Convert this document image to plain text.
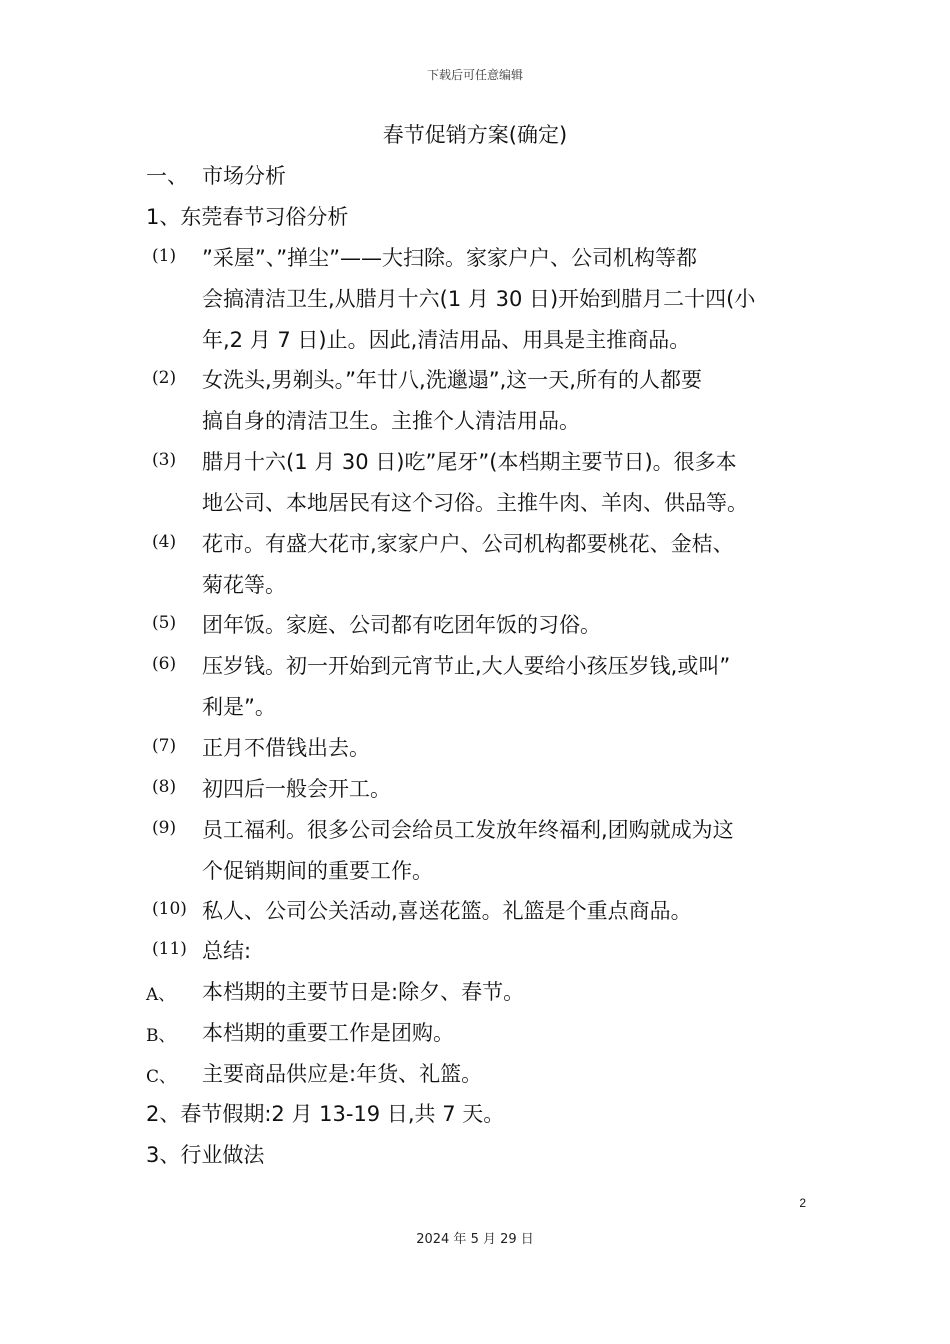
下载后可任意编辑
春节促销方案(确定)
一、 市场分析
1、东莞春节习俗分析
(1) ”采屋”、”掸尘”——大扫除。家家户户、公司机构等都
会搞清洁卫生,从腊月十六(1 月 30 日)开始到腊月二十四(小
年,2 月 7 日)止。因此,清洁用品、用具是主推商品。
(2) 女洗头,男剃头。”年廿八,洗邋遢”,这一天,所有的人都要
搞自身的清洁卫生。主推个人清洁用品。
(3) 腊月十六(1 月 30 日)吃”尾牙”(本档期主要节日)。很多本
地公司、本地居民有这个习俗。主推牛肉、羊肉、供品等。
(4) 花市。有盛大花市,家家户户、公司机构都要桃花、金桔、
菊花等。
(5) 团年饭。家庭、公司都有吃团年饭的习俗。
(6) 压岁钱。初一开始到元宵节止,大人要给小孩压岁钱,或叫”
利是”。
(7) 正月不借钱出去。
(8) 初四后一般会开工。
(9) 员工福利。很多公司会给员工发放年终福利,团购就成为这
个促销期间的重要工作。
(10) 私人、公司公关活动,喜送花篮。礼篮是个重点商品。
(11) 总结:
A、 本档期的主要节日是:除夕、春节。
B、 本档期的重要工作是团购。
C、 主要商品供应是:年货、礼篮。
2、春节假期:2 月 13-19 日,共 7 天。
3、行业做法
2
2024 年 5 月 29 日
